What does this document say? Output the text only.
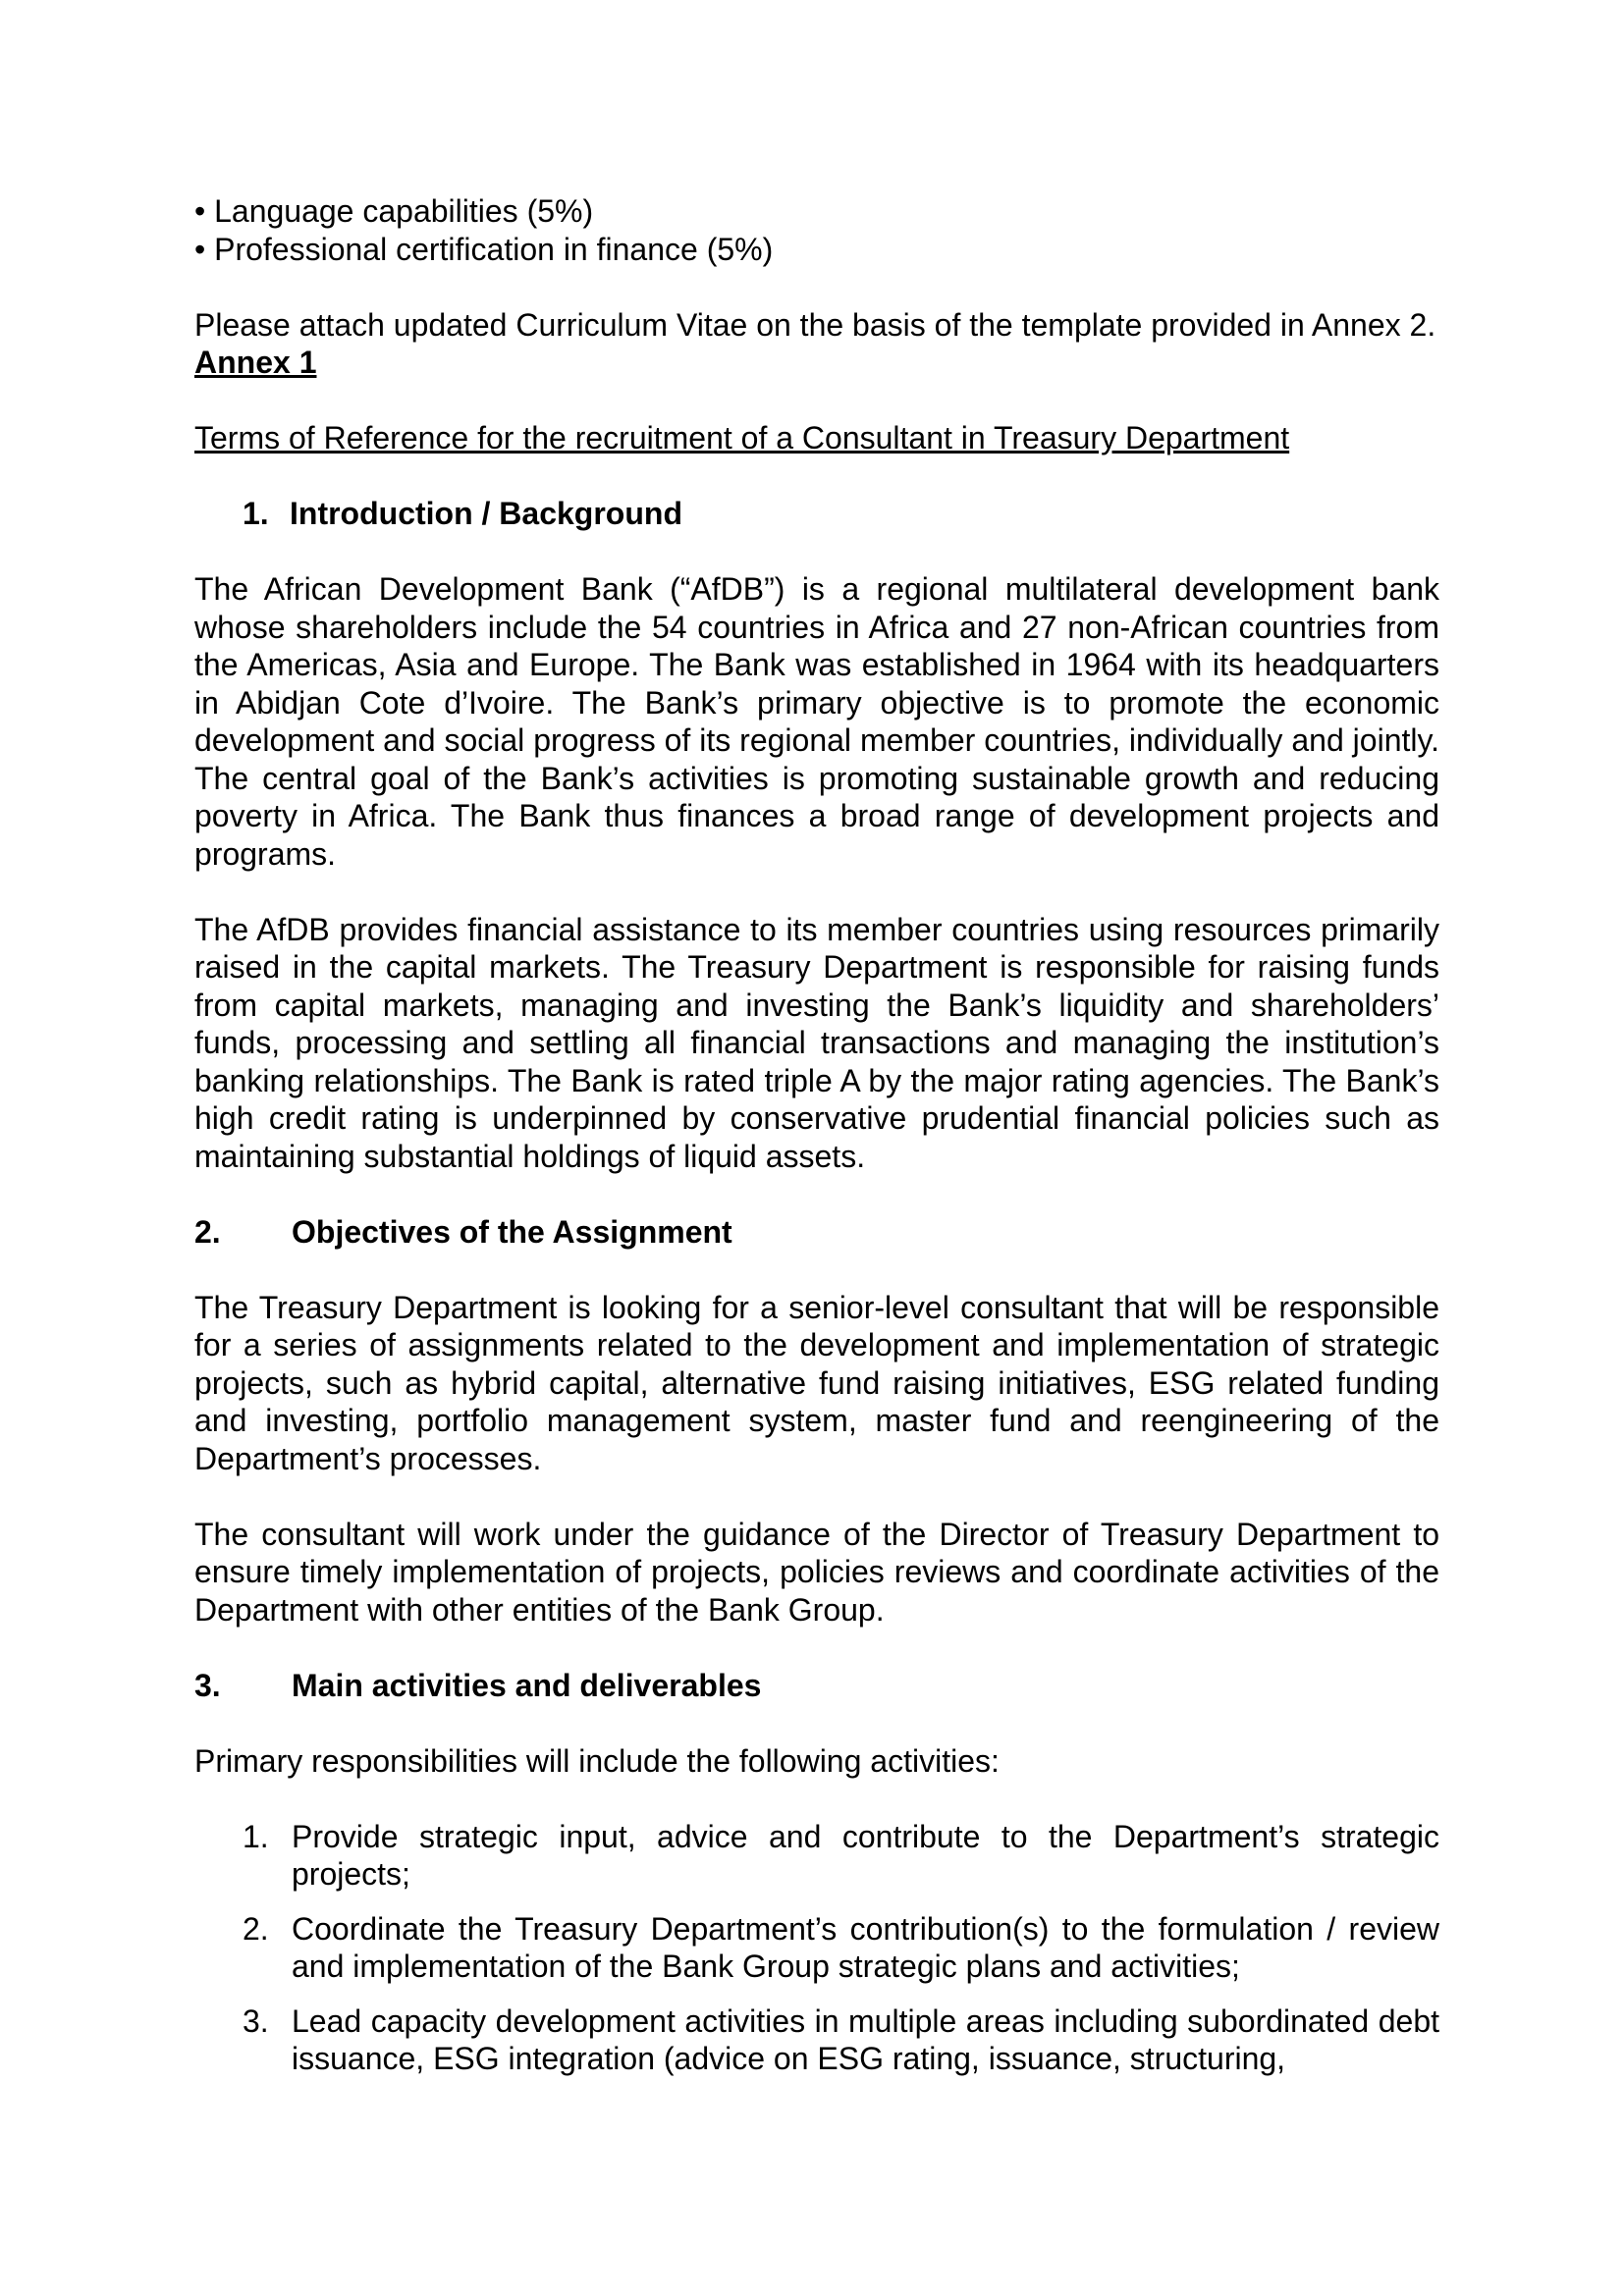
• Language capabilities (5%)

• Professional certification in finance (5%)

Please attach updated Curriculum Vitae on the basis of the template provided in Annex 2.

Annex 1

Terms of Reference for the recruitment of a Consultant in Treasury Department

1. Introduction / Background

The African Development Bank (“AfDB”) is a regional multilateral development bank whose shareholders include the 54 countries in Africa and 27 non-African countries from the Americas, Asia and Europe. The Bank was established in 1964 with its headquarters in Abidjan Cote d’Ivoire. The Bank’s primary objective is to promote the economic development and social progress of its regional member countries, individually and jointly. The central goal of the Bank’s activities is promoting sustainable growth and reducing poverty in Africa. The Bank thus finances a broad range of development projects and programs.

The AfDB provides financial assistance to its member countries using resources primarily raised in the capital markets. The Treasury Department is responsible for raising funds from capital markets, managing and investing the Bank’s liquidity and shareholders’ funds, processing and settling all financial transactions and managing the institution’s banking relationships. The Bank is rated triple A by the major rating agencies. The Bank’s high credit rating is underpinned by conservative prudential financial policies such as maintaining substantial holdings of liquid assets.

2.	Objectives of the Assignment

The Treasury Department is looking for a senior-level consultant that will be responsible for a series of assignments related to the development and implementation of strategic projects, such as hybrid capital, alternative fund raising initiatives, ESG related funding and investing, portfolio management system, master fund and reengineering of the Department’s processes.

The consultant will work under the guidance of the Director of Treasury Department to ensure timely implementation of projects, policies reviews and coordinate activities of the Department with other entities of the Bank Group.

3.	Main activities and deliverables

Primary responsibilities will include the following activities:

1. Provide strategic input, advice and contribute to the Department’s strategic projects;
2. Coordinate the Treasury Department’s contribution(s) to the formulation / review and implementation of the Bank Group strategic plans and activities;
3. Lead capacity development activities in multiple areas including subordinated debt issuance, ESG integration (advice on ESG rating, issuance, structuring,
